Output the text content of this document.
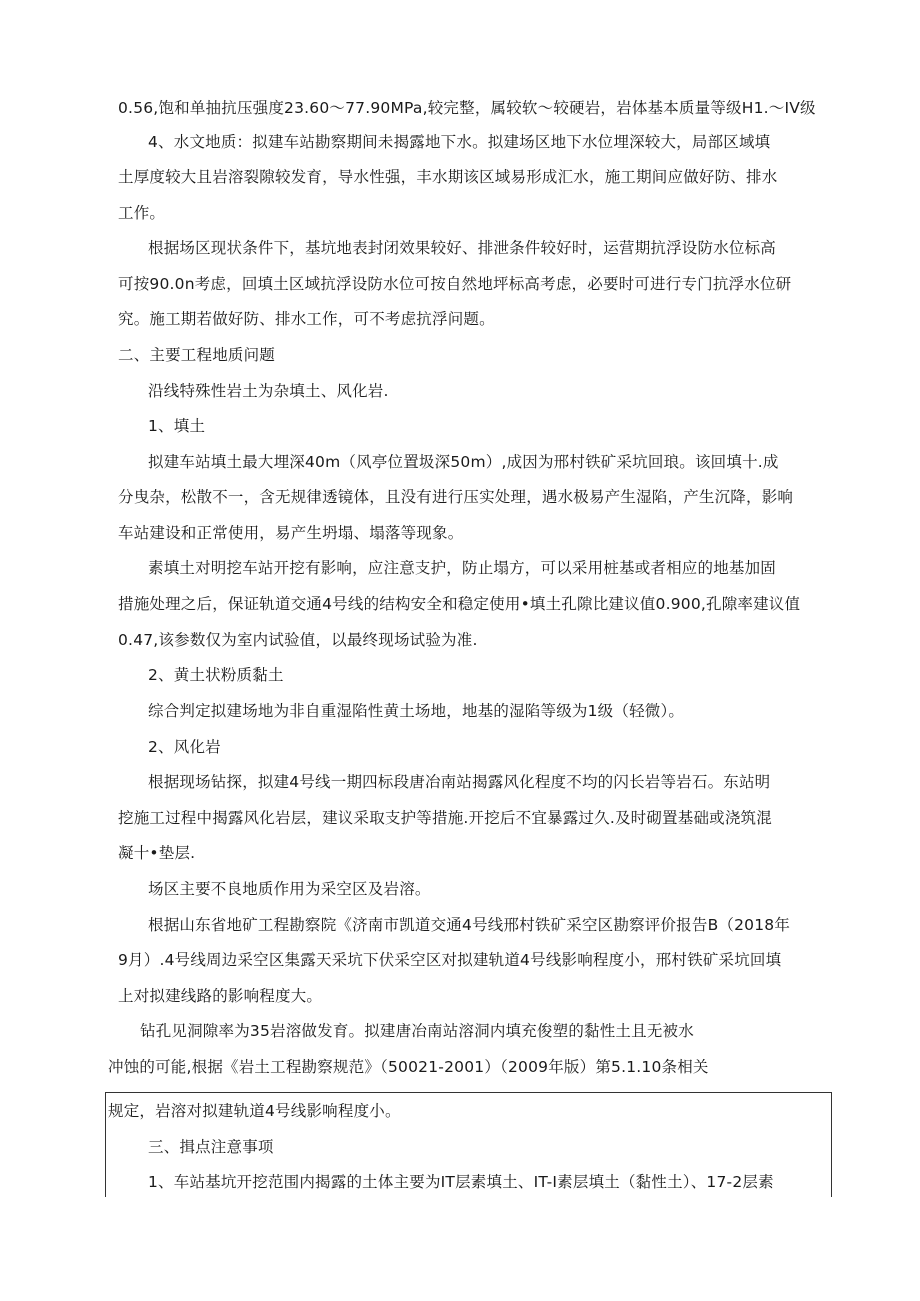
0.56,饱和单抽抗压强度23.60〜77.90MPa,较完整，属较软～较硬岩，岩体基本质量等级H1.〜IV级

4、水文地质：拟建车站勘察期间未揭露地下水。拟建场区地下水位埋深较大，局部区域填

土厚度较大且岩溶裂隙较发育，导水性强，丰水期该区域易形成汇水，施工期间应做好防、排水

工作。

根据场区现状条件下，基坑地表封闭效果较好、排泄条件较好时，运营期抗浮设防水位标高

可按90.0n考虑，回填土区域抗浮设防水位可按自然地坪标高考虑，必要时可进行专门抗浮水位研

究。施工期若做好防、排水工作，可不考虑抗浮问题。

二、主要工程地质问题

沿线特殊性岩土为杂填土、风化岩.

1、填土

拟建车站填土最大埋深40m（风亭位置圾深50m）,成因为邢村铁矿采坑回琅。该回填十.成

分曳杂，松散不一，含无规律透镜体，且没有进行压实处理，遇水极易产生湿陷，产生沉降，影响

车站建设和正常使用，易产生坍塌、塌落等现象。

素填土对明挖车站开挖有影响，应注意支护，防止塌方，可以采用桩基或者相应的地基加固

措施处理之后，保证轨道交通4号线的结构安全和稳定使用•填土孔隙比建议值0.900,孔隙率建议值

0.47,该参数仅为室内试验值，以最终现场试验为准.

2、黄土状粉质黏土

综合判定拟建场地为非自重湿陷性黄土场地，地基的湿陷等级为1级（轻微）。

2、风化岩

根据现场钻探，拟建4号线一期四标段唐冶南站揭露风化程度不均的闪长岩等岩石。东站明

挖施工过程中揭露风化岩层，建议采取支护等措施.开挖后不宜暴露过久.及时砌置基础或浇筑混

凝十•垫层.

场区主要不良地质作用为采空区及岩溶。

根据山东省地矿工程勘察院《济南市凯道交通4号线邢村铁矿采空区勘察评价报告B（2018年

9月）.4号线周边采空区集露天采坑下伏采空区对拟建轨道4号线影响程度小，邢村铁矿采坑回填

上对拟建线路的影响程度大。

钻孔见洞隙率为35岩溶做发育。拟建唐冶南站溶洞内填充俊塑的黏性土且无被水

冲蚀的可能,根据《岩土工程勘察规范》（50021-2001）（2009年版）第5.1.10条相关

规定，岩溶对拟建轨道4号线影响程度小。

三、揖点注意事项

1、车站基坑开挖范围内揭露的土体主要为IT层素填土、IT-I素层填土（黏性土）、17-2层素
